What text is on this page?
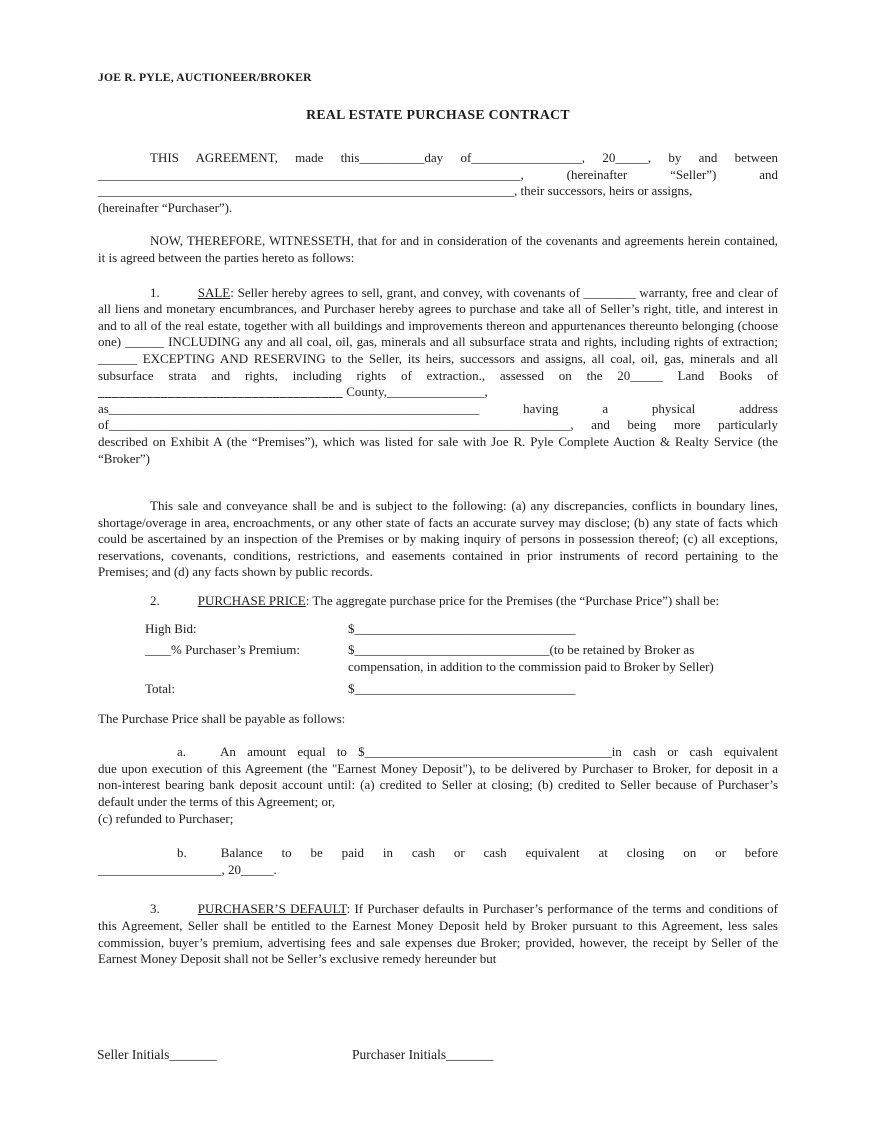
JOE R. PYLE, AUCTIONEER/BROKER
REAL ESTATE PURCHASE CONTRACT
THIS AGREEMENT, made this__________day of_________________, 20_____, by and between
_________________________________________________________________, (hereinafter “Seller”) and
________________________________________________________________, their successors, heirs or assigns,
(hereinafter “Purchaser”).
NOW, THEREFORE, WITNESSETH, that for and in consideration of the covenants and agreements herein contained, it is agreed between the parties hereto as follows:
1.	SALE: Seller hereby agrees to sell, grant, and convey, with covenants of ________ warranty, free and clear of all liens and monetary encumbrances, and Purchaser hereby agrees to purchase and take all of Seller’s right, title, and interest in and to all of the real estate, together with all buildings and improvements thereon and appurtenances thereunto belonging (choose one) ______ INCLUDING any and all coal, oil, gas, minerals and all subsurface strata and rights, including rights of extraction; ______ EXCEPTING AND RESERVING to the Seller, its heirs, successors and assigns, all coal, oil, gas, minerals and all subsurface strata and rights, including rights of extraction., assessed on the 20_____ Land Books of ___________________________________ County,_______________,
as_________________________________________________________ having a physical address
of_______________________________________________________________________, and being more particularly
described on Exhibit A (the “Premises”), which was listed for sale with Joe R. Pyle Complete Auction & Realty Service (the “Broker”)
This sale and conveyance shall be and is subject to the following: (a) any discrepancies, conflicts in boundary lines, shortage/overage in area, encroachments, or any other state of facts an accurate survey may disclose; (b) any state of facts which could be ascertained by an inspection of the Premises or by making inquiry of persons in possession thereof; (c) all exceptions, reservations, covenants, conditions, restrictions, and easements contained in prior instruments of record pertaining to the Premises; and (d) any facts shown by public records.
2.	PURCHASE PRICE: The aggregate purchase price for the Premises (the “Purchase Price”) shall be:
High Bid:	$__________________________________
____% Purchaser’s Premium:	$______________________________(to be retained by Broker as
compensation, in addition to the commission paid to Broker by Seller)
Total:	$__________________________________
The Purchase Price shall be payable as follows:
a.	An amount equal to $______________________________________in cash or cash equivalent
due upon execution of this Agreement (the "Earnest Money Deposit"), to be delivered by Purchaser to Broker, for deposit in a non-interest bearing bank deposit account until: (a) credited to Seller at closing; (b) credited to Seller because of Purchaser’s default under the terms of this Agreement; or,
(c) refunded to Purchaser;
b.	Balance to be paid in cash or cash equivalent at closing on or before
___________________, 20_____.
3.	PURCHASER’S DEFAULT: If Purchaser defaults in Purchaser’s performance of the terms and conditions of this Agreement, Seller shall be entitled to the Earnest Money Deposit held by Broker pursuant to this Agreement, less sales commission, buyer’s premium, advertising fees and sale expenses due Broker; provided, however, the receipt by Seller of the Earnest Money Deposit shall not be Seller’s exclusive remedy hereunder but
Seller Initials_______	Purchaser Initials_______
